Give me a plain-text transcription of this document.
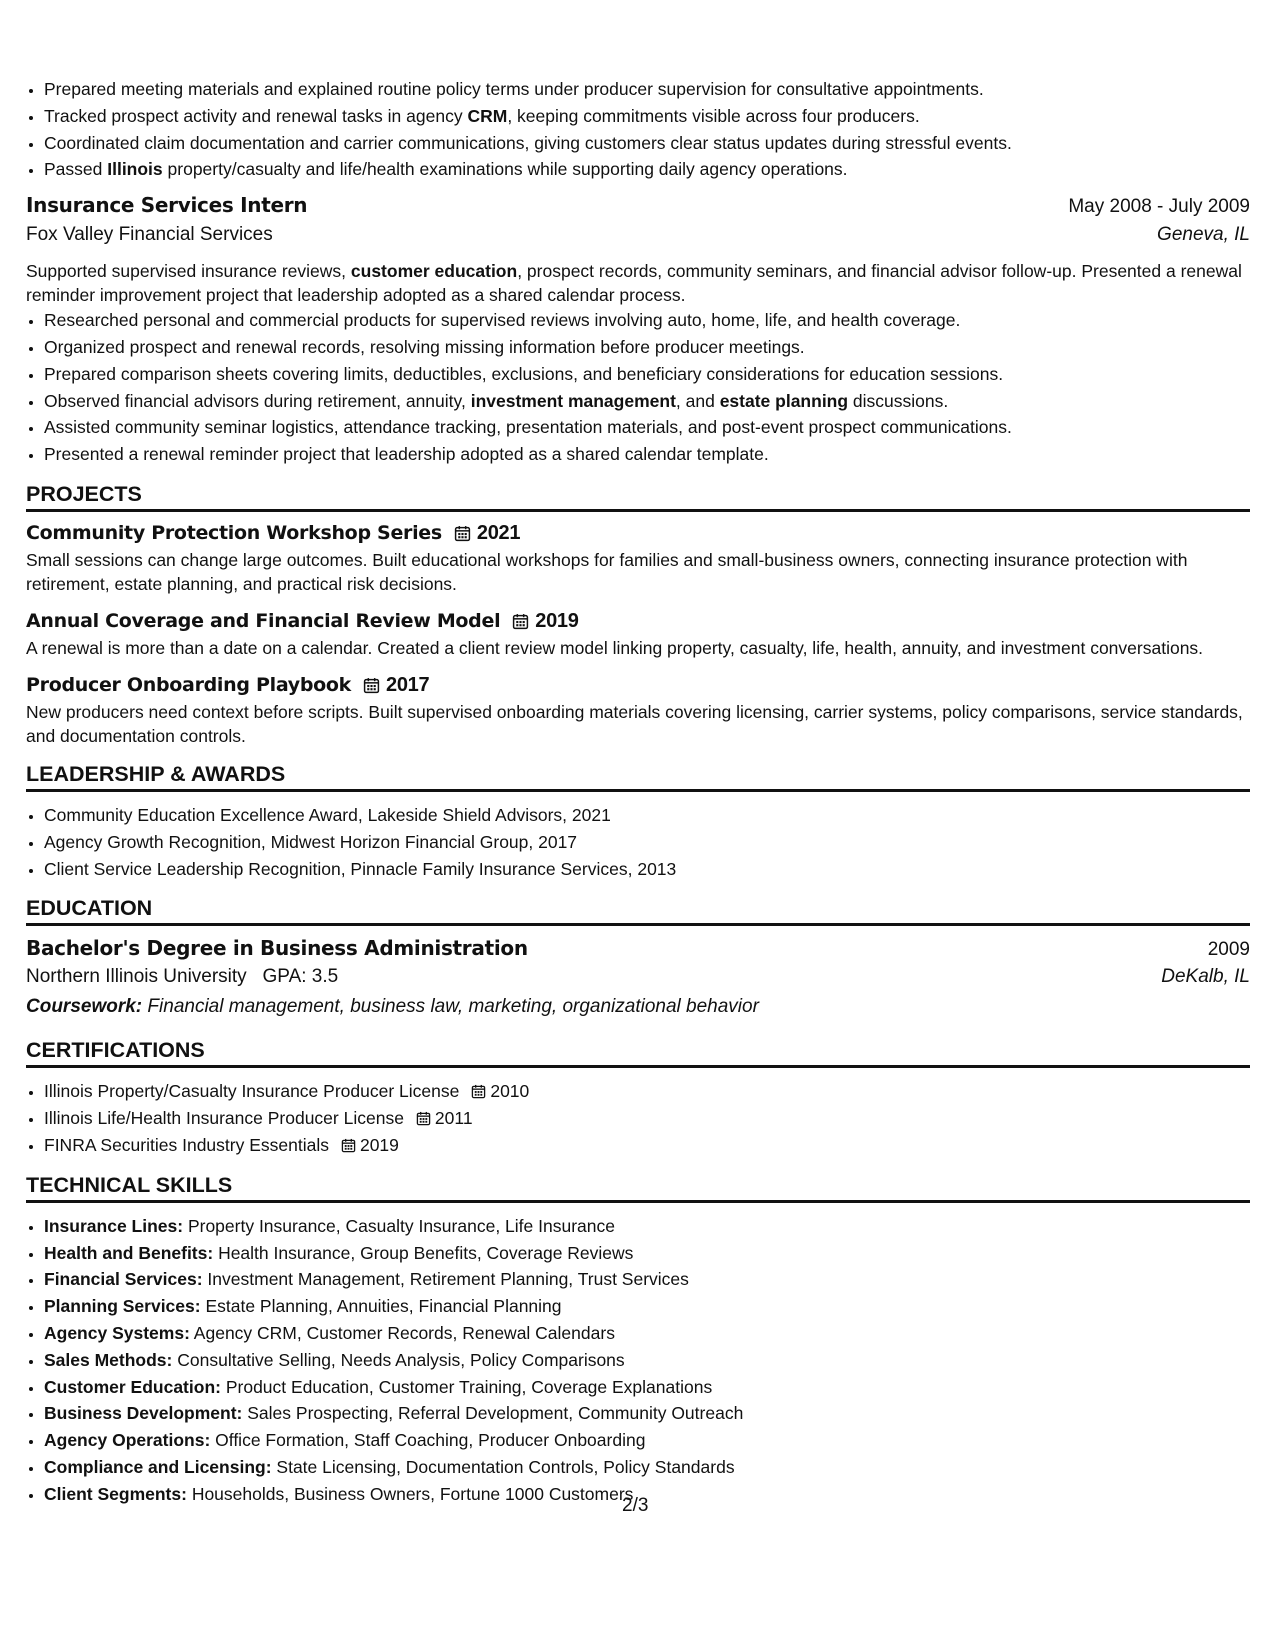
• Prepared meeting materials and explained routine policy terms under producer supervision for consultative appointments.
• Tracked prospect activity and renewal tasks in agency CRM, keeping commitments visible across four producers.
• Coordinated claim documentation and carrier communications, giving customers clear status updates during stressful events.
• Passed Illinois property/casualty and life/health examinations while supporting daily agency operations.
Insurance Services Intern	May 2008 - July 2009
Fox Valley Financial Services	Geneva, IL
Supported supervised insurance reviews, customer education, prospect records, community seminars, and financial advisor follow-up. Presented a renewal reminder improvement project that leadership adopted as a shared calendar process.
• Researched personal and commercial products for supervised reviews involving auto, home, life, and health coverage.
• Organized prospect and renewal records, resolving missing information before producer meetings.
• Prepared comparison sheets covering limits, deductibles, exclusions, and beneficiary considerations for education sessions.
• Observed financial advisors during retirement, annuity, investment management, and estate planning discussions.
• Assisted community seminar logistics, attendance tracking, presentation materials, and post-event prospect communications.
• Presented a renewal reminder project that leadership adopted as a shared calendar template.
PROJECTS
Community Protection Workshop Series 2021
Small sessions can change large outcomes. Built educational workshops for families and small-business owners, connecting insurance protection with retirement, estate planning, and practical risk decisions.
Annual Coverage and Financial Review Model 2019
A renewal is more than a date on a calendar. Created a client review model linking property, casualty, life, health, annuity, and investment conversations.
Producer Onboarding Playbook 2017
New producers need context before scripts. Built supervised onboarding materials covering licensing, carrier systems, policy comparisons, service standards, and documentation controls.
LEADERSHIP & AWARDS
• Community Education Excellence Award, Lakeside Shield Advisors, 2021
• Agency Growth Recognition, Midwest Horizon Financial Group, 2017
• Client Service Leadership Recognition, Pinnacle Family Insurance Services, 2013
EDUCATION
Bachelor's Degree in Business Administration	2009
Northern Illinois University GPA: 3.5	DeKalb, IL
Coursework: Financial management, business law, marketing, organizational behavior
CERTIFICATIONS
• Illinois Property/Casualty Insurance Producer License 2010
• Illinois Life/Health Insurance Producer License 2011
• FINRA Securities Industry Essentials 2019
TECHNICAL SKILLS
• Insurance Lines: Property Insurance, Casualty Insurance, Life Insurance
• Health and Benefits: Health Insurance, Group Benefits, Coverage Reviews
• Financial Services: Investment Management, Retirement Planning, Trust Services
• Planning Services: Estate Planning, Annuities, Financial Planning
• Agency Systems: Agency CRM, Customer Records, Renewal Calendars
• Sales Methods: Consultative Selling, Needs Analysis, Policy Comparisons
• Customer Education: Product Education, Customer Training, Coverage Explanations
• Business Development: Sales Prospecting, Referral Development, Community Outreach
• Agency Operations: Office Formation, Staff Coaching, Producer Onboarding
• Compliance and Licensing: State Licensing, Documentation Controls, Policy Standards
• Client Segments: Households, Business Owners, Fortune 1000 Customers
2/3
